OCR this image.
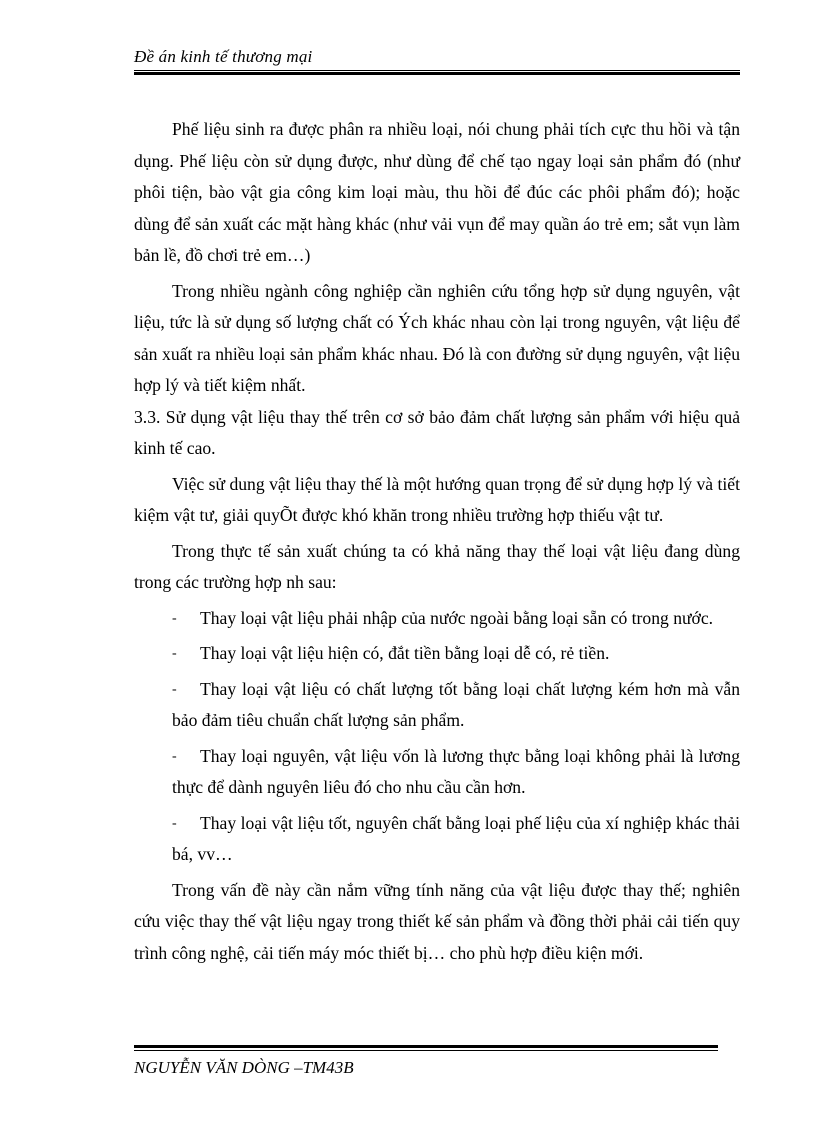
Đề án kinh tế thương mại

Phế liệu sinh ra được phân ra nhiều loại, nói chung phải tích cực thu hồi và tận dụng. Phế liệu còn sử dụng được, như dùng để chế tạo ngay loại sản phẩm đó (như phôi tiện, bào vật gia công kim loại màu, thu hồi để đúc các phôi phẩm đó); hoặc dùng để sản xuất các mặt hàng khác (như vải vụn để may quần áo trẻ em; sắt vụn làm bản lề, đồ chơi trẻ em…)

Trong nhiều ngành công nghiệp cần nghiên cứu tổng hợp sử dụng nguyên, vật liệu, tức là sử dụng số lượng chất có Ých khác nhau còn lại trong nguyên, vật liệu để sản xuất ra nhiều loại sản phẩm khác nhau. Đó là con đường sử dụng nguyên, vật liệu hợp lý và tiết kiệm nhất.

3.3. Sử dụng vật liệu thay thế trên cơ sở bảo đảm chất lượng sản phẩm với hiệu quả kinh tế cao.

Việc sử dung vật liệu thay thế là một hướng quan trọng để sử dụng hợp lý và tiết kiệm vật tư, giải quyÕt được khó khăn trong nhiều trường hợp thiếu vật tư.

Trong thực tế sản xuất chúng ta có khả năng thay thế loại vật liệu đang dùng trong các trường hợp nh sau:

-	Thay loại vật liệu phải nhập của nước ngoài bằng loại sẵn có trong nước.

-	Thay loại vật liệu hiện có, đắt tiền bằng loại dễ có, rẻ tiền.

-	Thay loại vật liệu có chất lượng tốt bằng loại chất lượng kém hơn mà vẫn bảo đảm tiêu chuẩn chất lượng sản phẩm.

-	Thay loại nguyên, vật liệu vốn là lương thực bằng loại không phải là lương thực để dành nguyên liêu đó cho nhu cầu cần hơn.

-	Thay loại vật liệu tốt, nguyên chất bằng loại phế liệu của xí nghiệp khác thải bá, vv…

Trong vấn đề này cần nắm vững tính năng của vật liệu được thay thế; nghiên cứu việc thay thế vật liệu ngay trong thiết kế sản phẩm và đồng thời phải cải tiến quy trình công nghệ, cải tiến máy móc thiết bị… cho phù hợp điều kiện mới.

NGUYỄN VĂN DÒNG –TM43B
